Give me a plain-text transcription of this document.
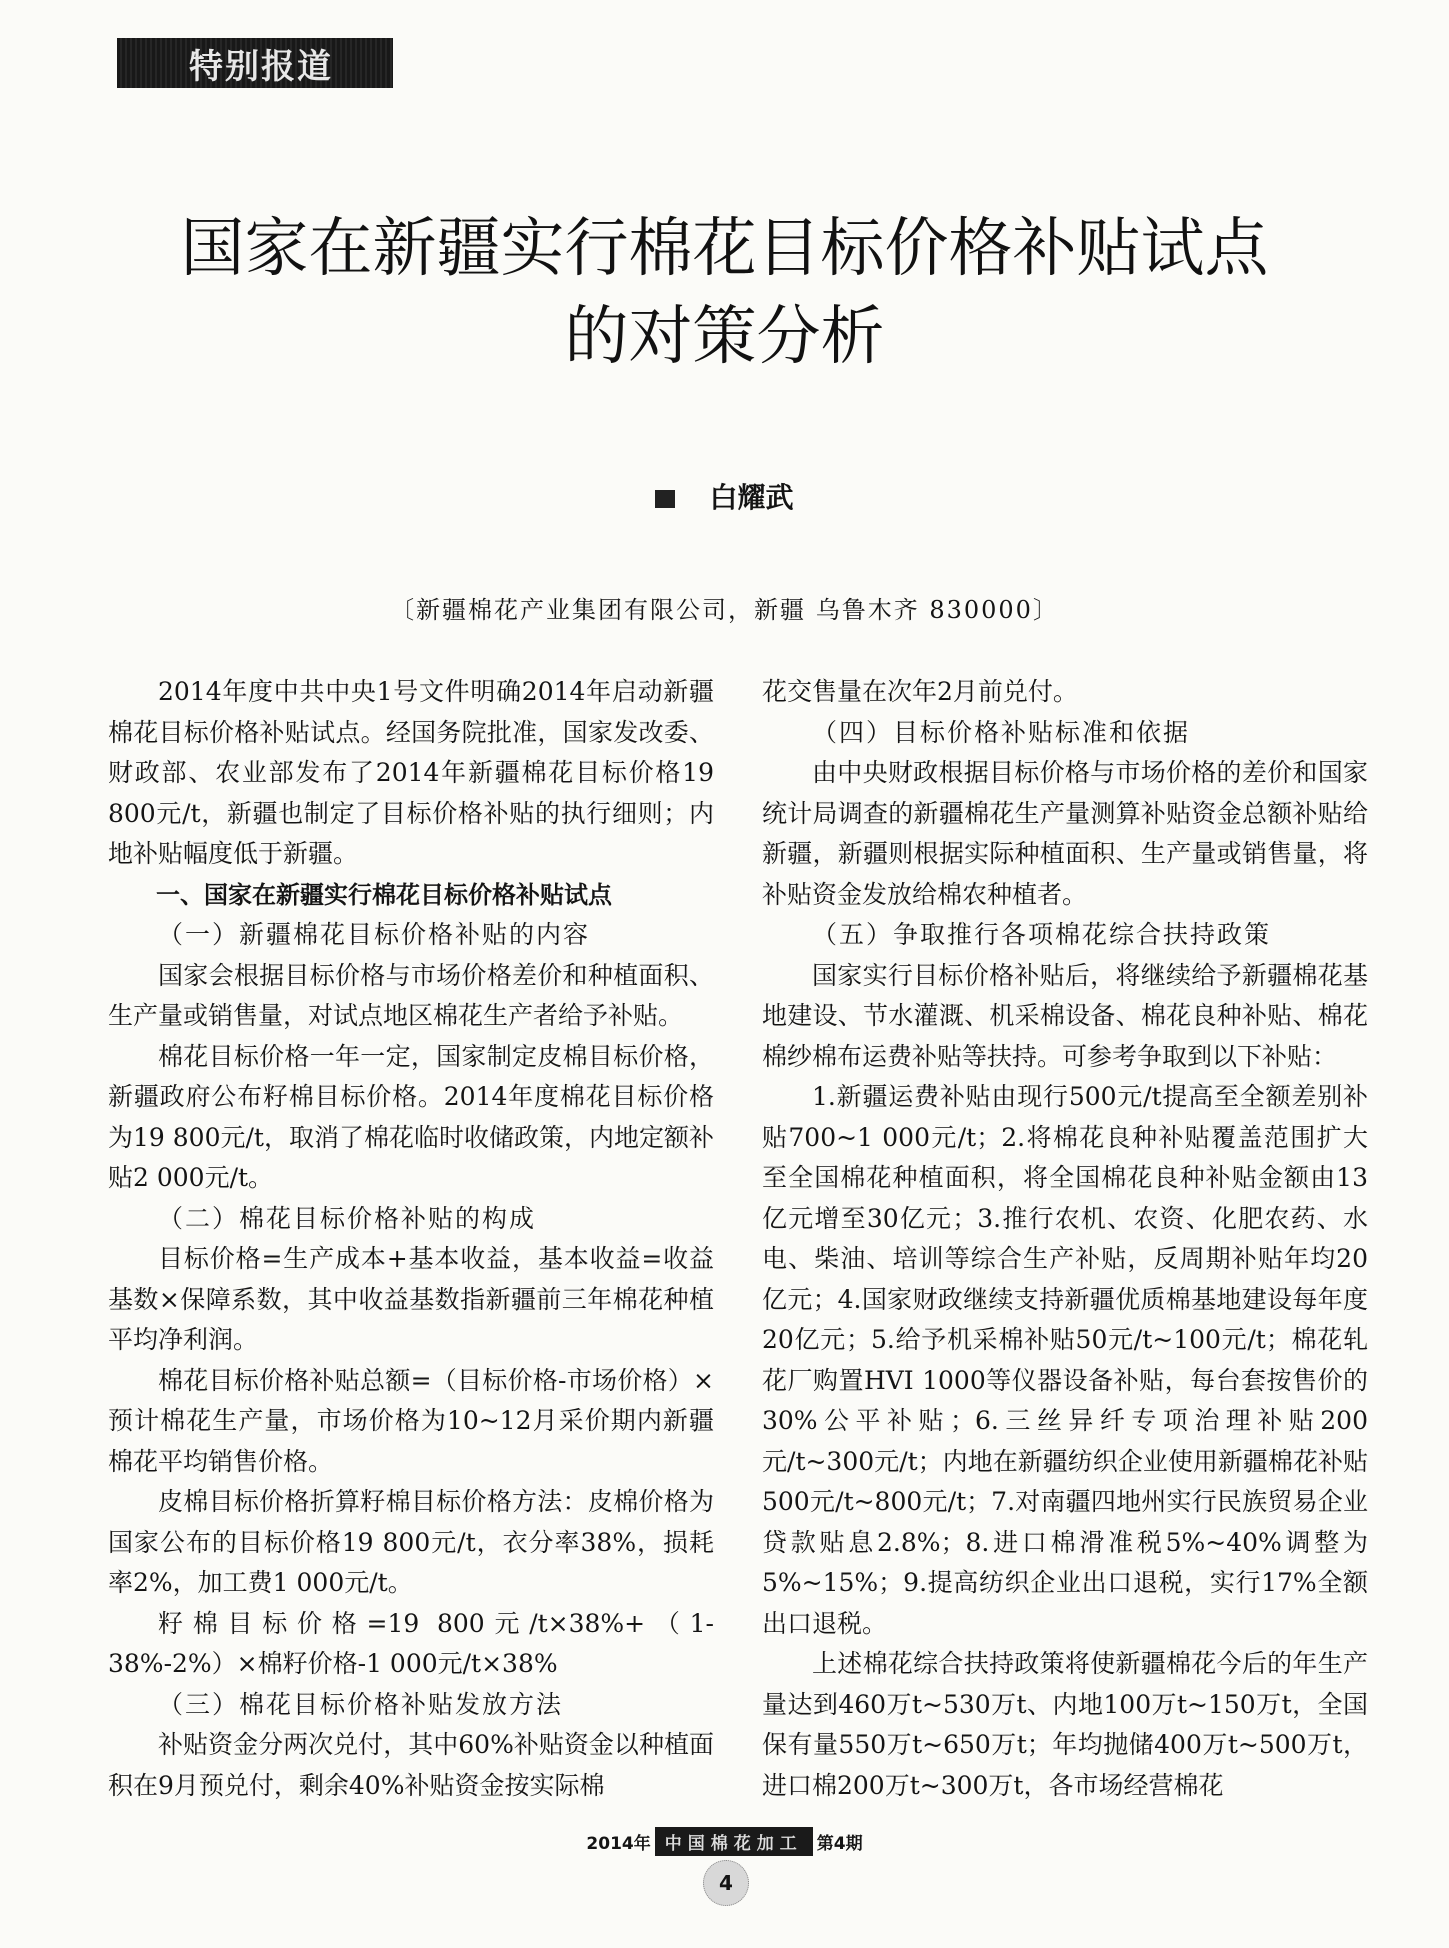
特别报道
国家在新疆实行棉花目标价格补贴试点
的对策分析
白耀武
〔新疆棉花产业集团有限公司，新疆 乌鲁木齐 830000〕

2014年度中共中央1号文件明确2014年启动新疆棉花目标价格补贴试点。经国务院批准，国家发改委、财政部、农业部发布了2014年新疆棉花目标价格19 800元/t，新疆也制定了目标价格补贴的执行细则；内地补贴幅度低于新疆。

一、国家在新疆实行棉花目标价格补贴试点

（一）新疆棉花目标价格补贴的内容

国家会根据目标价格与市场价格差价和种植面积、生产量或销售量，对试点地区棉花生产者给予补贴。

棉花目标价格一年一定，国家制定皮棉目标价格，新疆政府公布籽棉目标价格。2014年度棉花目标价格为19 800元/t，取消了棉花临时收储政策，内地定额补贴2 000元/t。

（二）棉花目标价格补贴的构成

目标价格=生产成本+基本收益，基本收益=收益基数×保障系数，其中收益基数指新疆前三年棉花种植平均净利润。

棉花目标价格补贴总额=（目标价格-市场价格）×预计棉花生产量，市场价格为10~12月采价期内新疆棉花平均销售价格。

皮棉目标价格折算籽棉目标价格方法：皮棉价格为国家公布的目标价格19 800元/t，衣分率38%，损耗率2%，加工费1 000元/t。

籽棉目标价格=19 800元/t×38%+（1-38%-2%）×棉籽价格-1 000元/t×38%

（三）棉花目标价格补贴发放方法

补贴资金分两次兑付，其中60%补贴资金以种植面积在9月预兑付，剩余40%补贴资金按实际棉

花交售量在次年2月前兑付。

（四）目标价格补贴标准和依据

由中央财政根据目标价格与市场价格的差价和国家统计局调查的新疆棉花生产量测算补贴资金总额补贴给新疆，新疆则根据实际种植面积、生产量或销售量，将补贴资金发放给棉农种植者。

（五）争取推行各项棉花综合扶持政策

国家实行目标价格补贴后，将继续给予新疆棉花基地建设、节水灌溉、机采棉设备、棉花良种补贴、棉花棉纱棉布运费补贴等扶持。可参考争取到以下补贴：

1.新疆运费补贴由现行500元/t提高至全额差别补贴700~1 000元/t；2.将棉花良种补贴覆盖范围扩大至全国棉花种植面积，将全国棉花良种补贴金额由13亿元增至30亿元；3.推行农机、农资、化肥农药、水电、柴油、培训等综合生产补贴，反周期补贴年均20亿元；4.国家财政继续支持新疆优质棉基地建设每年度20亿元；5.给予机采棉补贴50元/t~100元/t；棉花轧花厂购置HVI 1000等仪器设备补贴，每台套按售价的30%公平补贴；6.三丝异纤专项治理补贴200元/t~300元/t；内地在新疆纺织企业使用新疆棉花补贴500元/t~800元/t；7.对南疆四地州实行民族贸易企业贷款贴息2.8%；8.进口棉滑准税5%~40%调整为5%~15%；9.提高纺织企业出口退税，实行17%全额出口退税。

上述棉花综合扶持政策将使新疆棉花今后的年生产量达到460万t~530万t、内地100万t~150万t，全国保有量550万t~650万t；年均抛储400万t~500万t，进口棉200万t~300万t，各市场经营棉花

2014年 中国棉花加工 第4期
4
